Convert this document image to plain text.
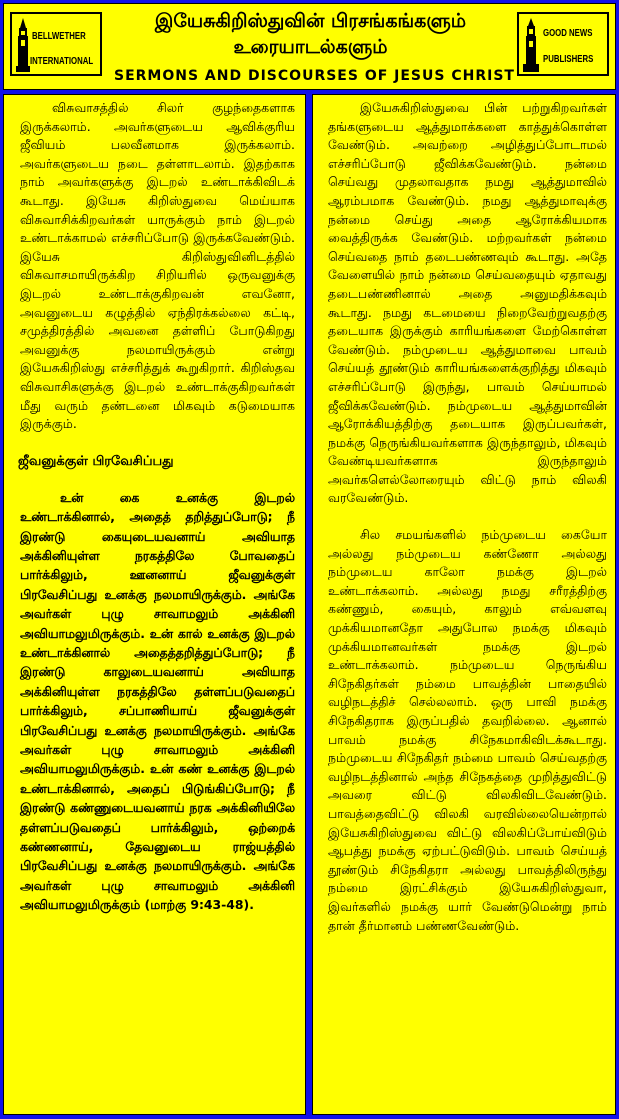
BELLWETHER
INTERNATIONAL
இயேசுகிறிஸ்துவின் பிரசங்கங்களும்
உரையாடல்களும்
SERMONS AND DISCOURSES OF JESUS CHRIST
GOOD NEWS
PUBLISHERS

விசுவாசத்தில் சிலர் குழந்தைகளாக இருக்கலாம். அவர்களுடைய ஆவிக்குரிய ஜீவியம் பலவீனமாக இருக்கலாம். அவர்களுடைய நடை தள்ளாடலாம். இதற்காக நாம் அவர்களுக்கு இடறல் உண்டாக்கிவிடக் கூடாது. இயேசு கிறிஸ்துவை மெய்யாக விசுவாசிக்கிறவர்கள் யாருக்கும் நாம் இடறல் உண்டாக்காமல் எச்சரிப்போடு இருக்கவேண்டும். இயேசு கிறிஸ்துவினிடத்தில் விசுவாசமாயிருக்கிற சிறியரில் ஒருவனுக்கு இடறல் உண்டாக்குகிறவன் எவனோ, அவனுடைய கழுத்தில் ஏந்திரக்கல்லை கட்டி, சமுத்திரத்தில் அவனை தள்ளிப் போடுகிறது அவனுக்கு நலமாயிருக்கும் என்று இயேசுகிறிஸ்து எச்சரித்துக் கூறுகிறார். கிறிஸ்தவ விசுவாசிகளுக்கு இடறல் உண்டாக்குகிறவர்கள் மீது வரும் தண்டனை மிகவும் கடுமையாக இருக்கும்.

ஜீவனுக்குள் பிரவேசிப்பது

உன் கை உனக்கு இடறல் உண்டாக்கினால், அதைத் தறித்துப்போடு; நீ இரண்டு கையுடையவனாய் அவியாத அக்கினியுள்ள நரகத்திலே போவதைப் பார்க்கிலும், ஊனனாய் ஜீவனுக்குள் பிரவேசிப்பது உனக்கு நலமாயிருக்கும். அங்கே அவர்கள் புழு சாவாமலும் அக்கினி அவியாமலுமிருக்கும். உன் கால் உனக்கு இடறல் உண்டாக்கினால் அதைத்தறித்துப்போடு; நீ இரண்டு காலுடையவனாய் அவியாத அக்கினியுள்ள நரகத்திலே தள்ளப்படுவதைப் பார்க்கிலும், சப்பாணியாய் ஜீவனுக்குள் பிரவேசிப்பது உனக்கு நலமாயிருக்கும். அங்கே அவர்கள் புழு சாவாமலும் அக்கினி அவியாமலுமிருக்கும். உன் கண் உனக்கு இடறல் உண்டாக்கினால், அதைப் பிடுங்கிப்போடு; நீ இரண்டு கண்ணுடையவனாய் நரக அக்கினியிலே தள்ளப்படுவதைப் பார்க்கிலும், ஒற்றைக் கண்ணனாய், தேவனுடைய ராஜ்யத்தில் பிரவேசிப்பது உனக்கு நலமாயிருக்கும். அங்கே அவர்கள் புழு சாவாமலும் அக்கினி அவியாமலுமிருக்கும் (மாற்கு 9:43-48).

இயேசுகிறிஸ்துவை பின் பற்றுகிறவர்கள் தங்களுடைய ஆத்துமாக்களை காத்துக்கொள்ள வேண்டும். அவற்றை அழித்துப்போடாமல் எச்சரிப்போடு ஜீவிக்கவேண்டும். நன்மை செய்வது முதலாவதாக நமது ஆத்துமாவில் ஆரம்பமாக வேண்டும். நமது ஆத்துமாவுக்கு நன்மை செய்து அதை ஆரோக்கியமாக வைத்திருக்க வேண்டும். மற்றவர்கள் நன்மை செய்வதை நாம் தடைபண்ணவும் கூடாது. அதே வேளையில் நாம் நன்மை செய்வதையும் ஏதாவது தடைபண்ணினால் அதை அனுமதிக்கவும் கூடாது. நமது கடமையை நிறைவேற்றுவதற்கு தடையாக இருக்கும் காரியங்களை மேற்கொள்ள வேண்டும். நம்முடைய ஆத்துமாவை பாவம் செய்யத் தூண்டும் காரியங்களைக்குறித்து மிகவும் எச்சரிப்போடு இருந்து, பாவம் செய்யாமல் ஜீவிக்கவேண்டும். நம்முடைய ஆத்துமாவின் ஆரோக்கியத்திற்கு தடையாக இருப்பவர்கள், நமக்கு நெருங்கியவர்களாக இருந்தாலும், மிகவும் வேண்டியவர்களாக இருந்தாலும் அவர்களெல்லோரையும் விட்டு நாம் விலகி வரவேண்டும்.

சில சமயங்களில் நம்முடைய கையோ அல்லது நம்முடைய கண்ணோ அல்லது நம்முடைய காலோ நமக்கு இடறல் உண்டாக்கலாம். அல்லது நமது சரீரத்திற்கு கண்ணும், கையும், காலும் எவ்வளவு முக்கியமானதோ அதுபோல நமக்கு மிகவும் முக்கியமானவர்கள் நமக்கு இடறல் உண்டாக்கலாம். நம்முடைய நெருங்கிய சிநேகிதர்கள் நம்மை பாவத்தின் பாதையில் வழிநடத்திச் செல்லலாம். ஒரு பாவி நமக்கு சிநேகிதராக இருப்பதில் தவறில்லை. ஆனால் பாவம் நமக்கு சிநேகமாகிவிடக்கூடாது. நம்முடைய சிநேகிதர் நம்மை பாவம் செய்வதற்கு வழிநடத்தினால் அந்த சிநேகத்தை முறித்துவிட்டு அவரை விட்டு விலகிவிடவேண்டும். பாவத்தைவிட்டு விலகி வரவில்லையென்றால் இயேசுகிறிஸ்துவை விட்டு விலகிப்போய்விடும் ஆபத்து நமக்கு ஏற்பட்டுவிடும். பாவம் செய்யத் தூண்டும் சிநேகிதரா அல்லது பாவத்திலிருந்து நம்மை இரட்சிக்கும் இயேசுகிறிஸ்துவா, இவர்களில் நமக்கு யார் வேண்டுமென்று நாம் தான் தீர்மானம் பண்ணவேண்டும்.
